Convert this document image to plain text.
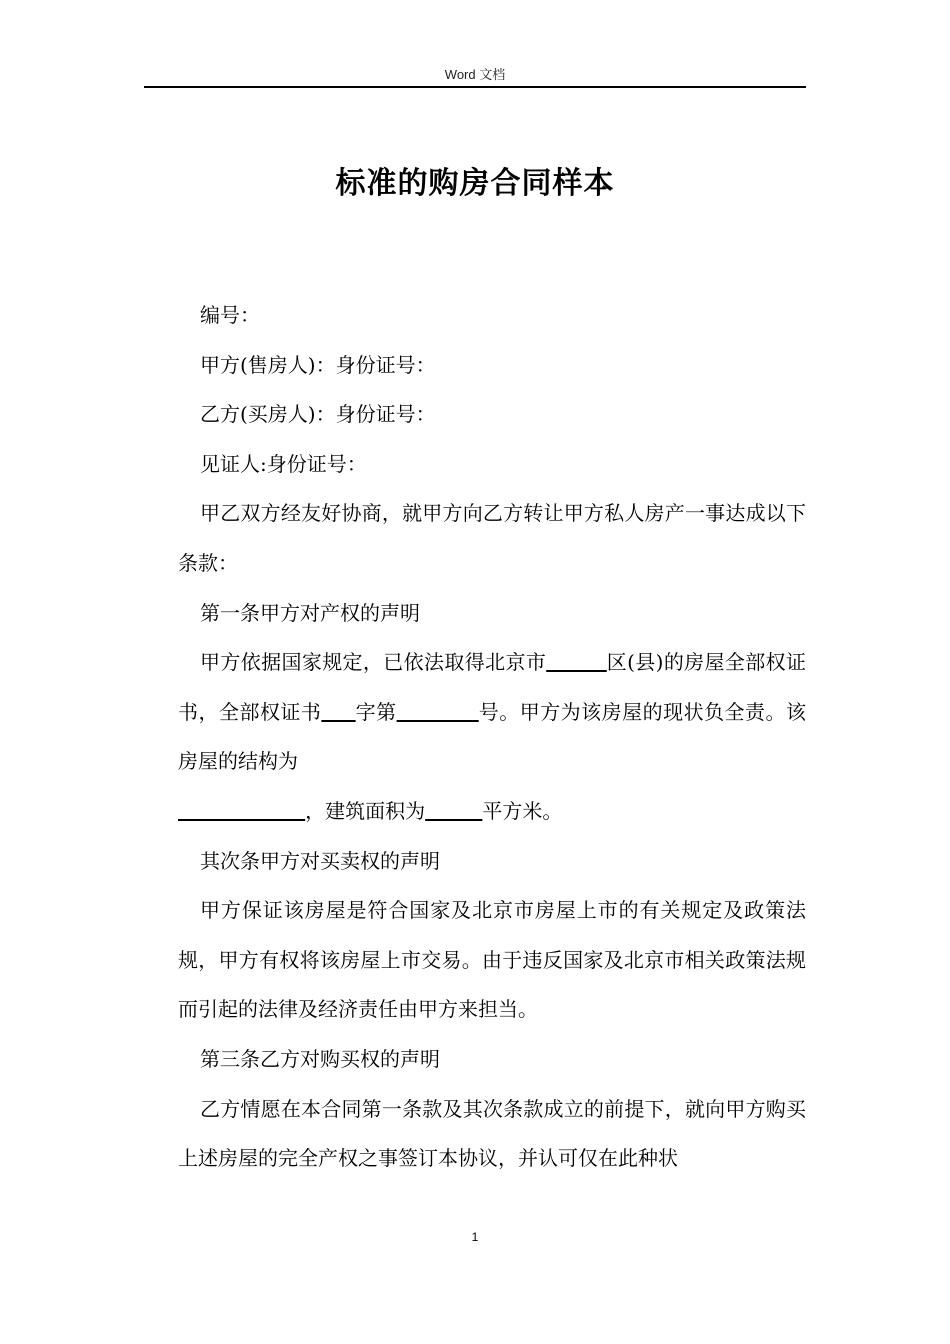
Word 文档
标准的购房合同样本

编号：

甲方(售房人)：身份证号：

乙方(买房人)：身份证号：

见证人:身份证号：

甲乙双方经友好协商，就甲方向乙方转让甲方私人房产一事达成以下条款：

第一条甲方对产权的声明

甲方依据国家规定，已依法取得北京市	区(县)的房屋全部权证书，全部权证书 字第	号。甲方为该房屋的现状负全责。该房屋的结构为
，建筑面积为	平方米。

其次条甲方对买卖权的声明

甲方保证该房屋是符合国家及北京市房屋上市的有关规定及政策法规，甲方有权将该房屋上市交易。由于违反国家及北京市相关政策法规而引起的法律及经济责任由甲方来担当。

第三条乙方对购买权的声明

乙方情愿在本合同第一条款及其次条款成立的前提下，就向甲方购买上述房屋的完全产权之事签订本协议，并认可仅在此种状

1
